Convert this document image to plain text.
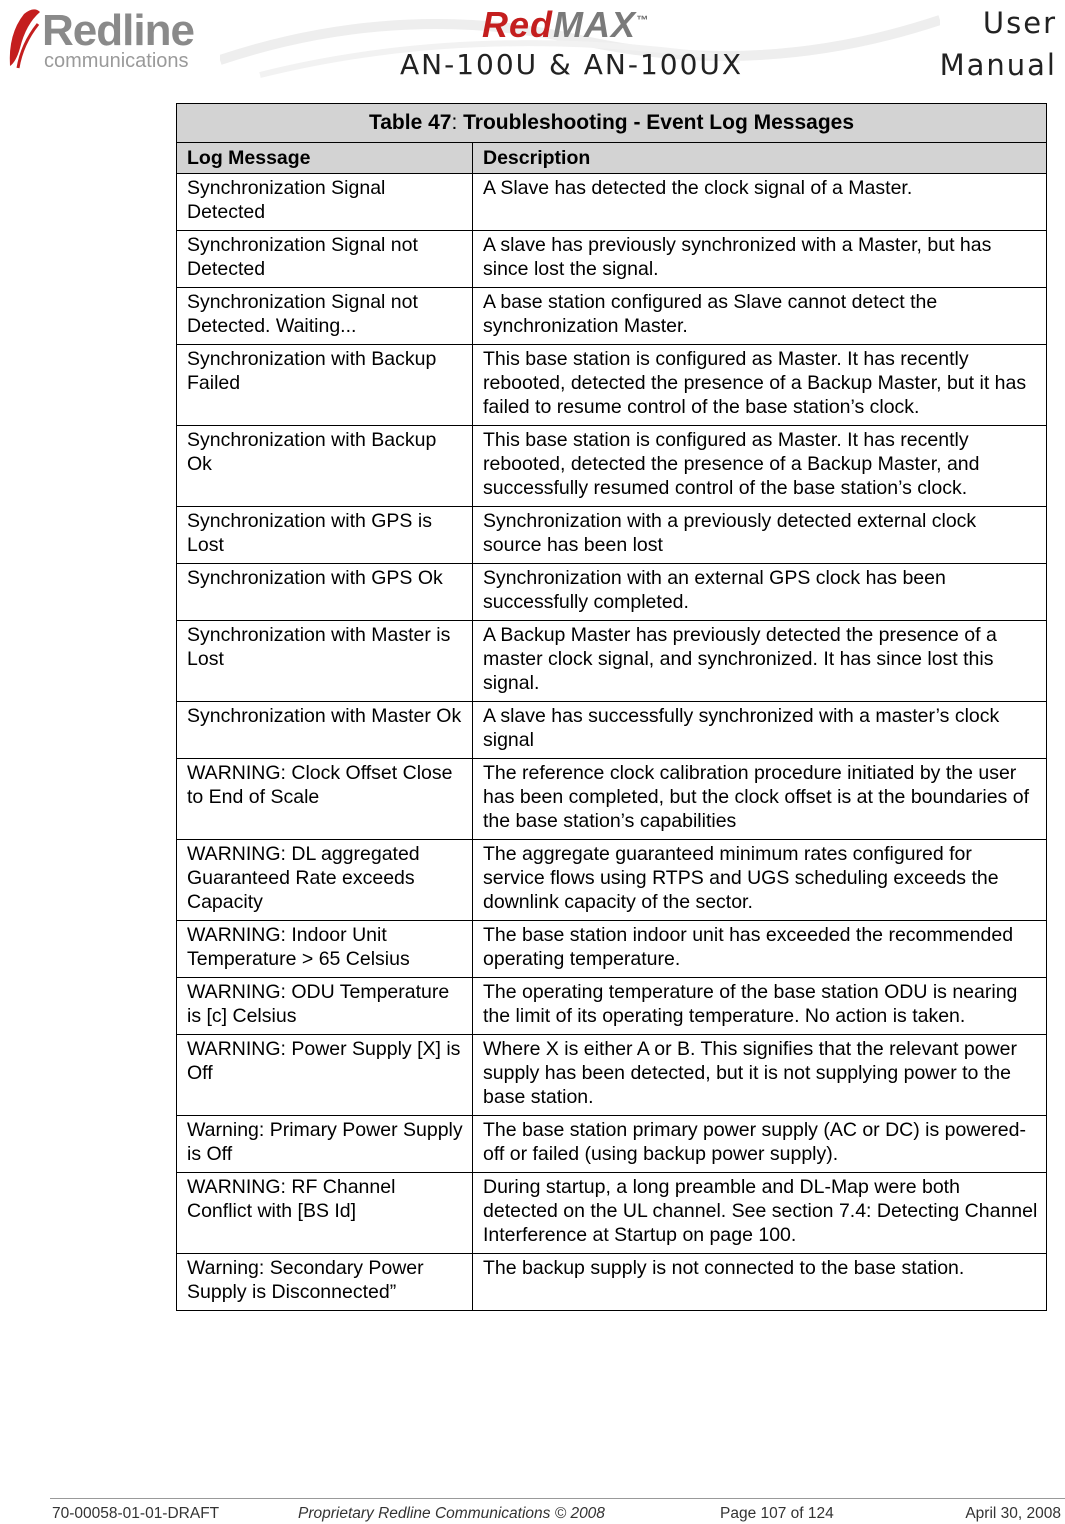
Redline
communications
RedMAX™
AN-100U & AN-100UX
User
Manual
Table 47: Troubleshooting - Event Log Messages	
Log Message	Description
Synchronization Signal Detected	A Slave has detected the clock signal of a Master.
Synchronization Signal not Detected	A slave has previously synchronized with a Master, but has since lost the signal.
Synchronization Signal not Detected. Waiting...	A base station configured as Slave cannot detect the synchronization Master.
Synchronization with Backup Failed	This base station is configured as Master. It has recently rebooted, detected the presence of a Backup Master, but it has failed to resume control of the base station’s clock.
Synchronization with Backup Ok	This base station is configured as Master. It has recently rebooted, detected the presence of a Backup Master, and successfully resumed control of the base station’s clock.
Synchronization with GPS is Lost	Synchronization with a previously detected external clock source has been lost
Synchronization with GPS Ok	Synchronization with an external GPS clock has been successfully completed.
Synchronization with Master is Lost	A Backup Master has previously detected the presence of a master clock signal, and synchronized. It has since lost this signal.
Synchronization with Master Ok	A slave has successfully synchronized with a master’s clock signal
WARNING: Clock Offset Close to End of Scale	The reference clock calibration procedure initiated by the user has been completed, but the clock offset is at the boundaries of the base station’s capabilities
WARNING: DL aggregated Guaranteed Rate exceeds Capacity	The aggregate guaranteed minimum rates configured for service flows using RTPS and UGS scheduling exceeds the downlink capacity of the sector.
WARNING: Indoor Unit Temperature > 65 Celsius	The base station indoor unit has exceeded the recommended operating temperature.
WARNING: ODU Temperature is [c] Celsius	The operating temperature of the base station ODU is nearing the limit of its operating temperature. No action is taken.
WARNING: Power Supply [X] is Off	Where X is either A or B. This signifies that the relevant power supply has been detected, but it is not supplying power to the base station.
Warning: Primary Power Supply is Off	The base station primary power supply (AC or DC) is powered-off or failed (using backup power supply).
WARNING: RF Channel Conflict with [BS Id]	During startup, a long preamble and DL-Map were both detected on the UL channel. See section 7.4: Detecting Channel Interference at Startup on page 100.
Warning: Secondary Power Supply is Disconnected”	The backup supply is not connected to the base station.
70-00058-01-01-DRAFT	Proprietary Redline Communications © 2008	Page 107 of 124	April 30, 2008
